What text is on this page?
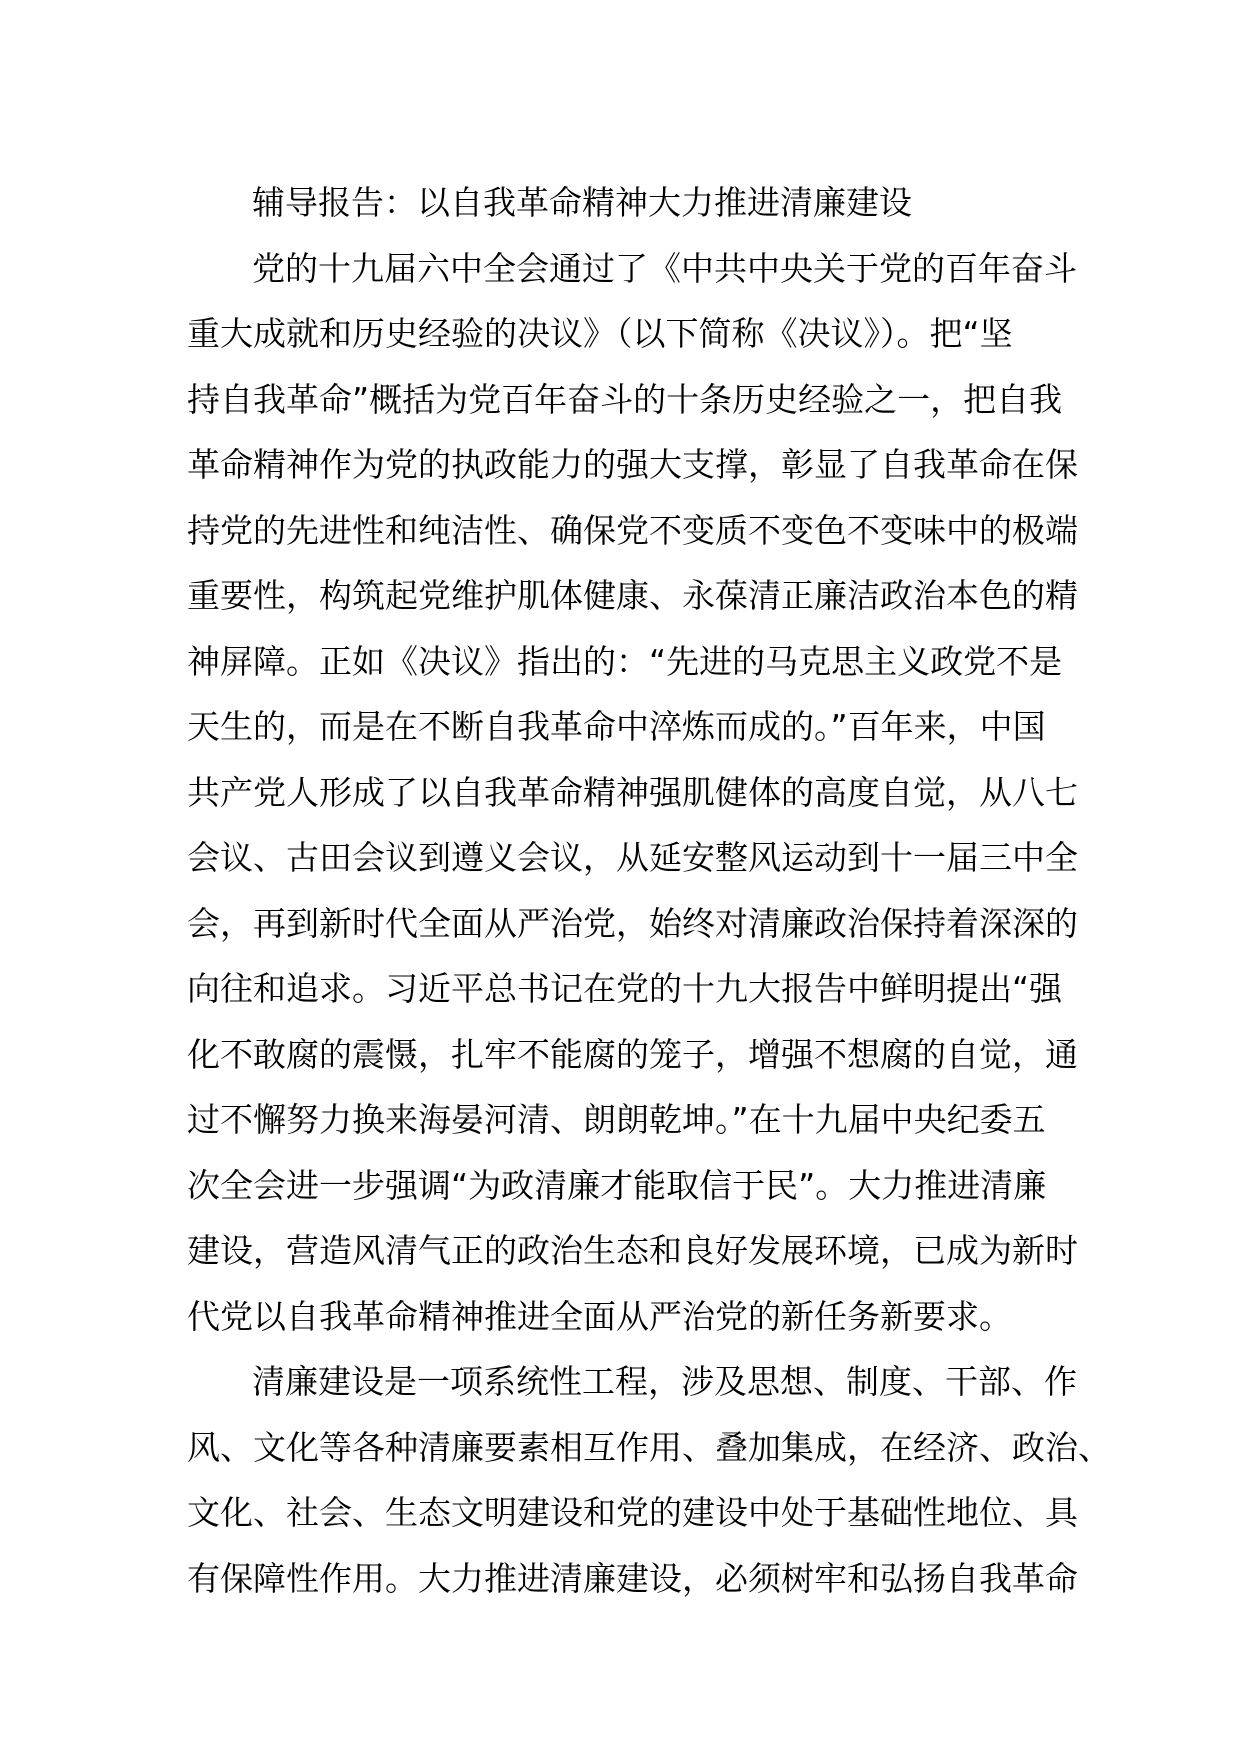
辅导报告：以自我革命精神大力推进清廉建设
党的十九届六中全会通过了《中共中央关于党的百年奋斗
重大成就和历史经验的决议》（以下简称《决议》）。把“坚
持自我革命”概括为党百年奋斗的十条历史经验之一，把自我
革命精神作为党的执政能力的强大支撑，彰显了自我革命在保
持党的先进性和纯洁性、确保党不变质不变色不变味中的极端
重要性，构筑起党维护肌体健康、永葆清正廉洁政治本色的精
神屏障。正如《决议》指出的：“先进的马克思主义政党不是
天生的，而是在不断自我革命中淬炼而成的。”百年来，中国
共产党人形成了以自我革命精神强肌健体的高度自觉，从八七
会议、古田会议到遵义会议，从延安整风运动到十一届三中全
会，再到新时代全面从严治党，始终对清廉政治保持着深深的
向往和追求。习近平总书记在党的十九大报告中鲜明提出“强
化不敢腐的震慑，扎牢不能腐的笼子，增强不想腐的自觉，通
过不懈努力换来海晏河清、朗朗乾坤。”在十九届中央纪委五
次全会进一步强调“为政清廉才能取信于民”。大力推进清廉
建设，营造风清气正的政治生态和良好发展环境，已成为新时
代党以自我革命精神推进全面从严治党的新任务新要求。
清廉建设是一项系统性工程，涉及思想、制度、干部、作
风、文化等各种清廉要素相互作用、叠加集成，在经济、政治、
文化、社会、生态文明建设和党的建设中处于基础性地位、具
有保障性作用。大力推进清廉建设，必须树牢和弘扬自我革命
